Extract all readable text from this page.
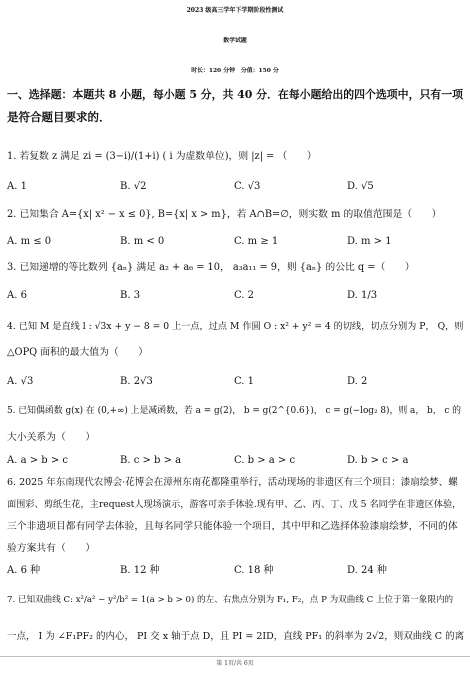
2023 级高三学年下学期阶段性测试
数学试题
时长：120 分钟　分值：150 分
一、选择题：本题共 8 小题，每小题 5 分，共 40 分．在每小题给出的四个选项中，只有一项
是符合题目要求的．
1. 若复数 z 满足 zi = (3−i)/(1+i) ( i 为虚数单位)，则 |z| = （　　）
A. 1	B. √2	C. √3	D. √5
2. 已知集合 A={x| x² − x ≤ 0}, B={x| x > m}，若 A∩B=∅，则实数 m 的取值范围是（　　）
A. m ≤ 0	B. m < 0	C. m ≥ 1	D. m > 1
3. 已知递增的等比数列 {aₙ} 满足 a₂ + a₆ = 10， a₃a₁₁ = 9，则 {aₙ} 的公比 q =（　　）
A. 6	B. 3	C. 2	D. 1/3
4. 已知 M 是直线 l : √3x + y − 8 = 0 上一点，过点 M 作圆 O : x² + y² = 4 的切线，切点分别为 P， Q，则
△OPQ 面积的最大值为（　　）
A. √3	B. 2√3	C. 1	D. 2
5. 已知偶函数 g(x) 在 (0,+∞) 上是减函数，若 a = g(2)， b = g(2^{0.6})， c = g(−log₂ 8)，则 a， b， c 的
大小关系为（　　）
A. a > b > c	B. c > b > a	C. b > a > c	D. b > c > a
6. 2025 年东南现代农博会·花博会在漳州东南花都隆重举行，活动现场的非遗区有三个项目：漆扇绘梦、螺
面围彩、剪纸生花，主request人现场演示，游客可亲手体验.现有甲、乙、丙、丁、戊 5 名同学在非遗区体验，
三个非遗项目都有同学去体验，且每名同学只能体验一个项目，其中甲和乙选择体验漆扇绘梦，不同的体
验方案共有（　　）
A. 6 种	B. 12 种	C. 18 种	D. 24 种
7. 已知双曲线 C: x²/a² − y²/b² = 1(a > b > 0) 的左、右焦点分别为 F₁, F₂，点 P 为双曲线 C 上位于第一象限内的
一点， I 为 ∠F₁PF₂ 的内心， PI 交 x 轴于点 D，且 PI = 2ID，直线 PF₁ 的斜率为 2√2，则双曲线 C 的离
第 1页/共 6页
